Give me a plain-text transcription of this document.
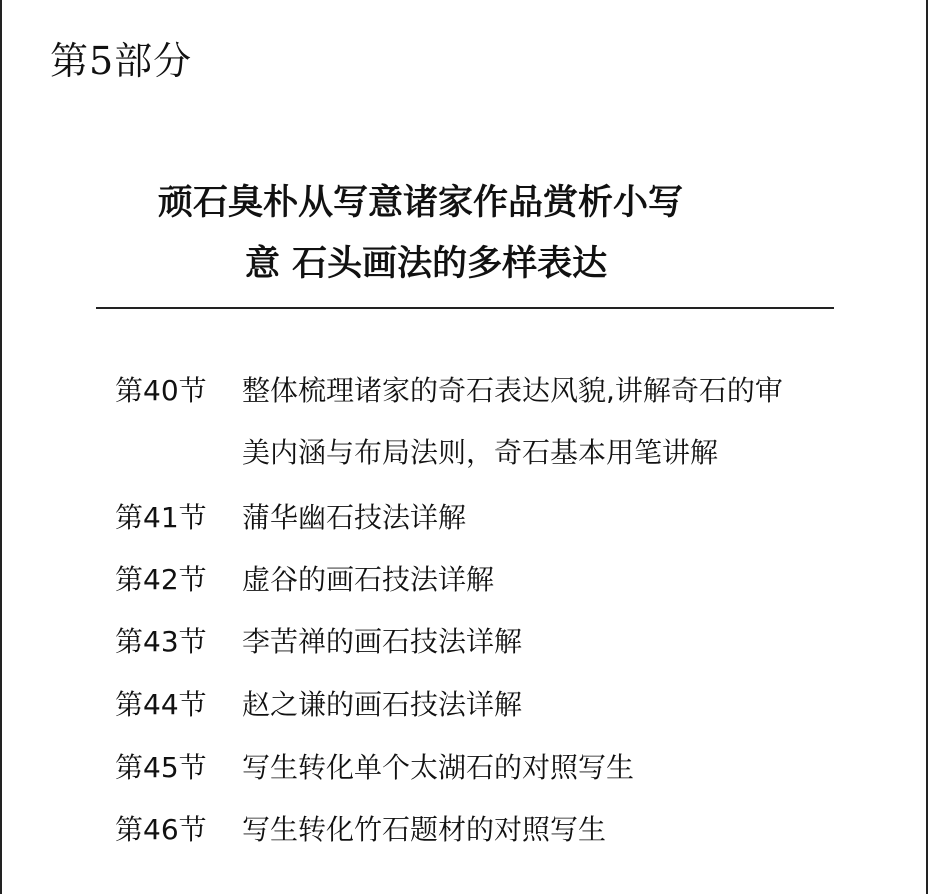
第5部分
顽石臭朴从写意诸家作品赏析小写
意 石头画法的多样表达
第40节 整体梳理诸家的奇石表达风貌,讲解奇石的审
美内涵与布局法则，奇石基本用笔讲解
第41节 蒲华幽石技法详解
第42节 虚谷的画石技法详解
第43节 李苦禅的画石技法详解
第44节 赵之谦的画石技法详解
第45节 写生转化单个太湖石的对照写生
第46节 写生转化竹石题材的对照写生
